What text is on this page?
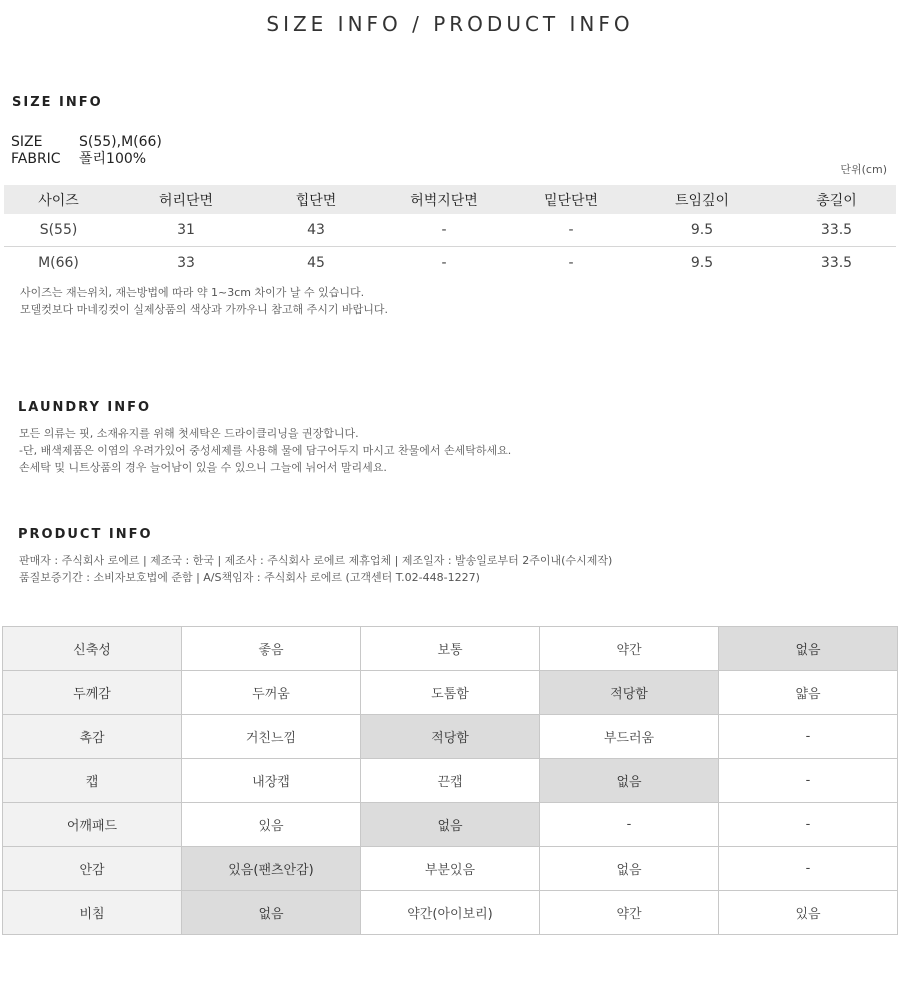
SIZE INFO / PRODUCT INFO
SIZE INFO
SIZE	S(55),M(66)
FABRIC 폴리100%
단위(cm)
사이즈	허리단면	힙단면	허벅지단면	밑단단면	트임깊이	총길이
S(55)	31	43	-	-	9.5	33.5
M(66)	33	45	-	-	9.5	33.5
사이즈는 재는위치, 재는방법에 따라 약 1~3cm 차이가 날 수 있습니다.
모델컷보다 마네킹컷이 실제상품의 색상과 가까우니 참고해 주시기 바랍니다.
LAUNDRY INFO
모든 의류는 핏, 소재유지를 위해 첫세탁은 드라이클리닝을 권장합니다.
-단, 배색제품은 이염의 우려가있어 중성세제를 사용해 물에 담구어두지 마시고 찬물에서 손세탁하세요.
손세탁 및 니트상품의 경우 늘어남이 있을 수 있으니 그늘에 뉘어서 말리세요.
PRODUCT INFO
판매자 : 주식회사 로에르 | 제조국 : 한국 | 제조사 : 주식회사 로에르 제휴업체 | 제조일자 : 발송일로부터 2주이내(수시제작)
품질보증기간 : 소비자보호법에 준함 | A/S책임자 : 주식회사 로에르 (고객센터 T.02-448-1227)
신축성	좋음	보통	약간	없음
두께감	두꺼움	도톰함	적당함	얇음
촉감	거친느낌	적당함	부드러움	-
캡	내장캡	끈캡	없음	-
어깨패드	있음	없음	-	-
안감	있음(팬츠안감)	부분있음	없음	-
비침	없음	약간(아이보리)	약간	있음
